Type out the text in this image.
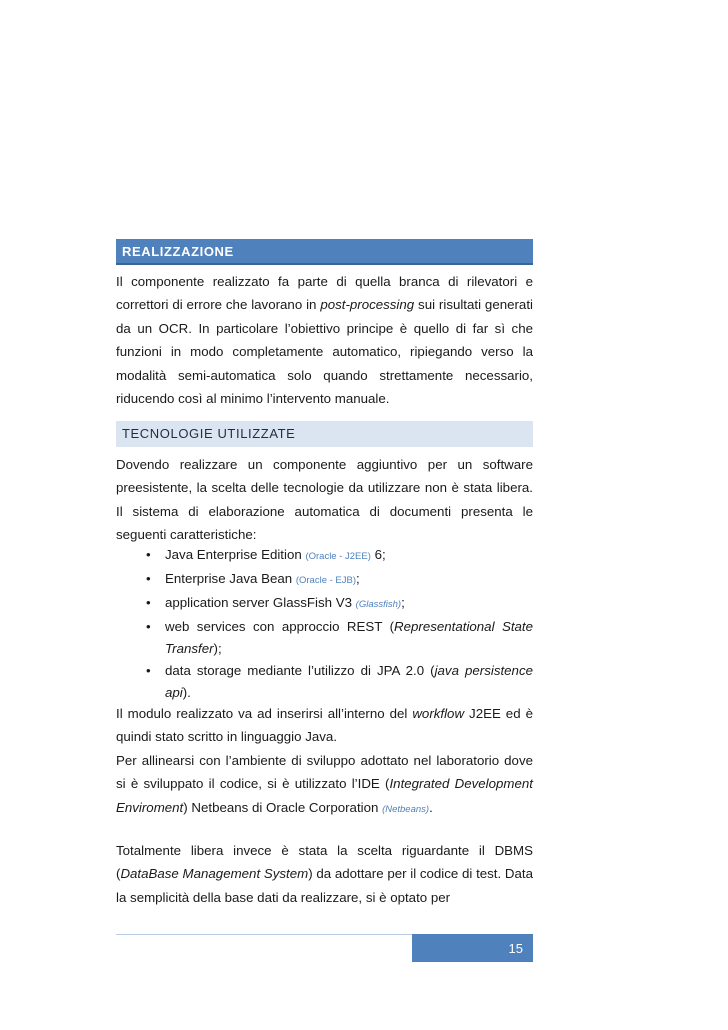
REALIZZAZIONE

Il componente realizzato fa parte di quella branca di rilevatori e correttori di errore che lavorano in post-processing sui risultati generati da un OCR. In particolare l’obiettivo principe è quello di far sì che funzioni in modo completamente automatico, ripiegando verso la modalità semi-automatica solo quando strettamente necessario, riducendo così al minimo l’intervento manuale.

TECNOLOGIE UTILIZZATE

Dovendo realizzare un componente aggiuntivo per un software preesistente, la scelta delle tecnologie da utilizzare non è stata libera. Il sistema di elaborazione automatica di documenti presenta le seguenti caratteristiche:

• Java Enterprise Edition (Oracle - J2EE) 6;
• Enterprise Java Bean (Oracle - EJB);
• application server GlassFish V3 (Glassfish);
• web services con approccio REST (Representational State Transfer);
• data storage mediante l’utilizzo di JPA 2.0 (java persistence api).

Il modulo realizzato va ad inserirsi all’interno del workflow J2EE ed è quindi stato scritto in linguaggio Java.

Per allinearsi con l’ambiente di sviluppo adottato nel laboratorio dove si è sviluppato il codice, si è utilizzato l’IDE (Integrated Development Enviroment) Netbeans di Oracle Corporation (Netbeans).

Totalmente libera invece è stata la scelta riguardante il DBMS (DataBase Management System) da adottare per il codice di test. Data la semplicità della base dati da realizzare, si è optato per

15
